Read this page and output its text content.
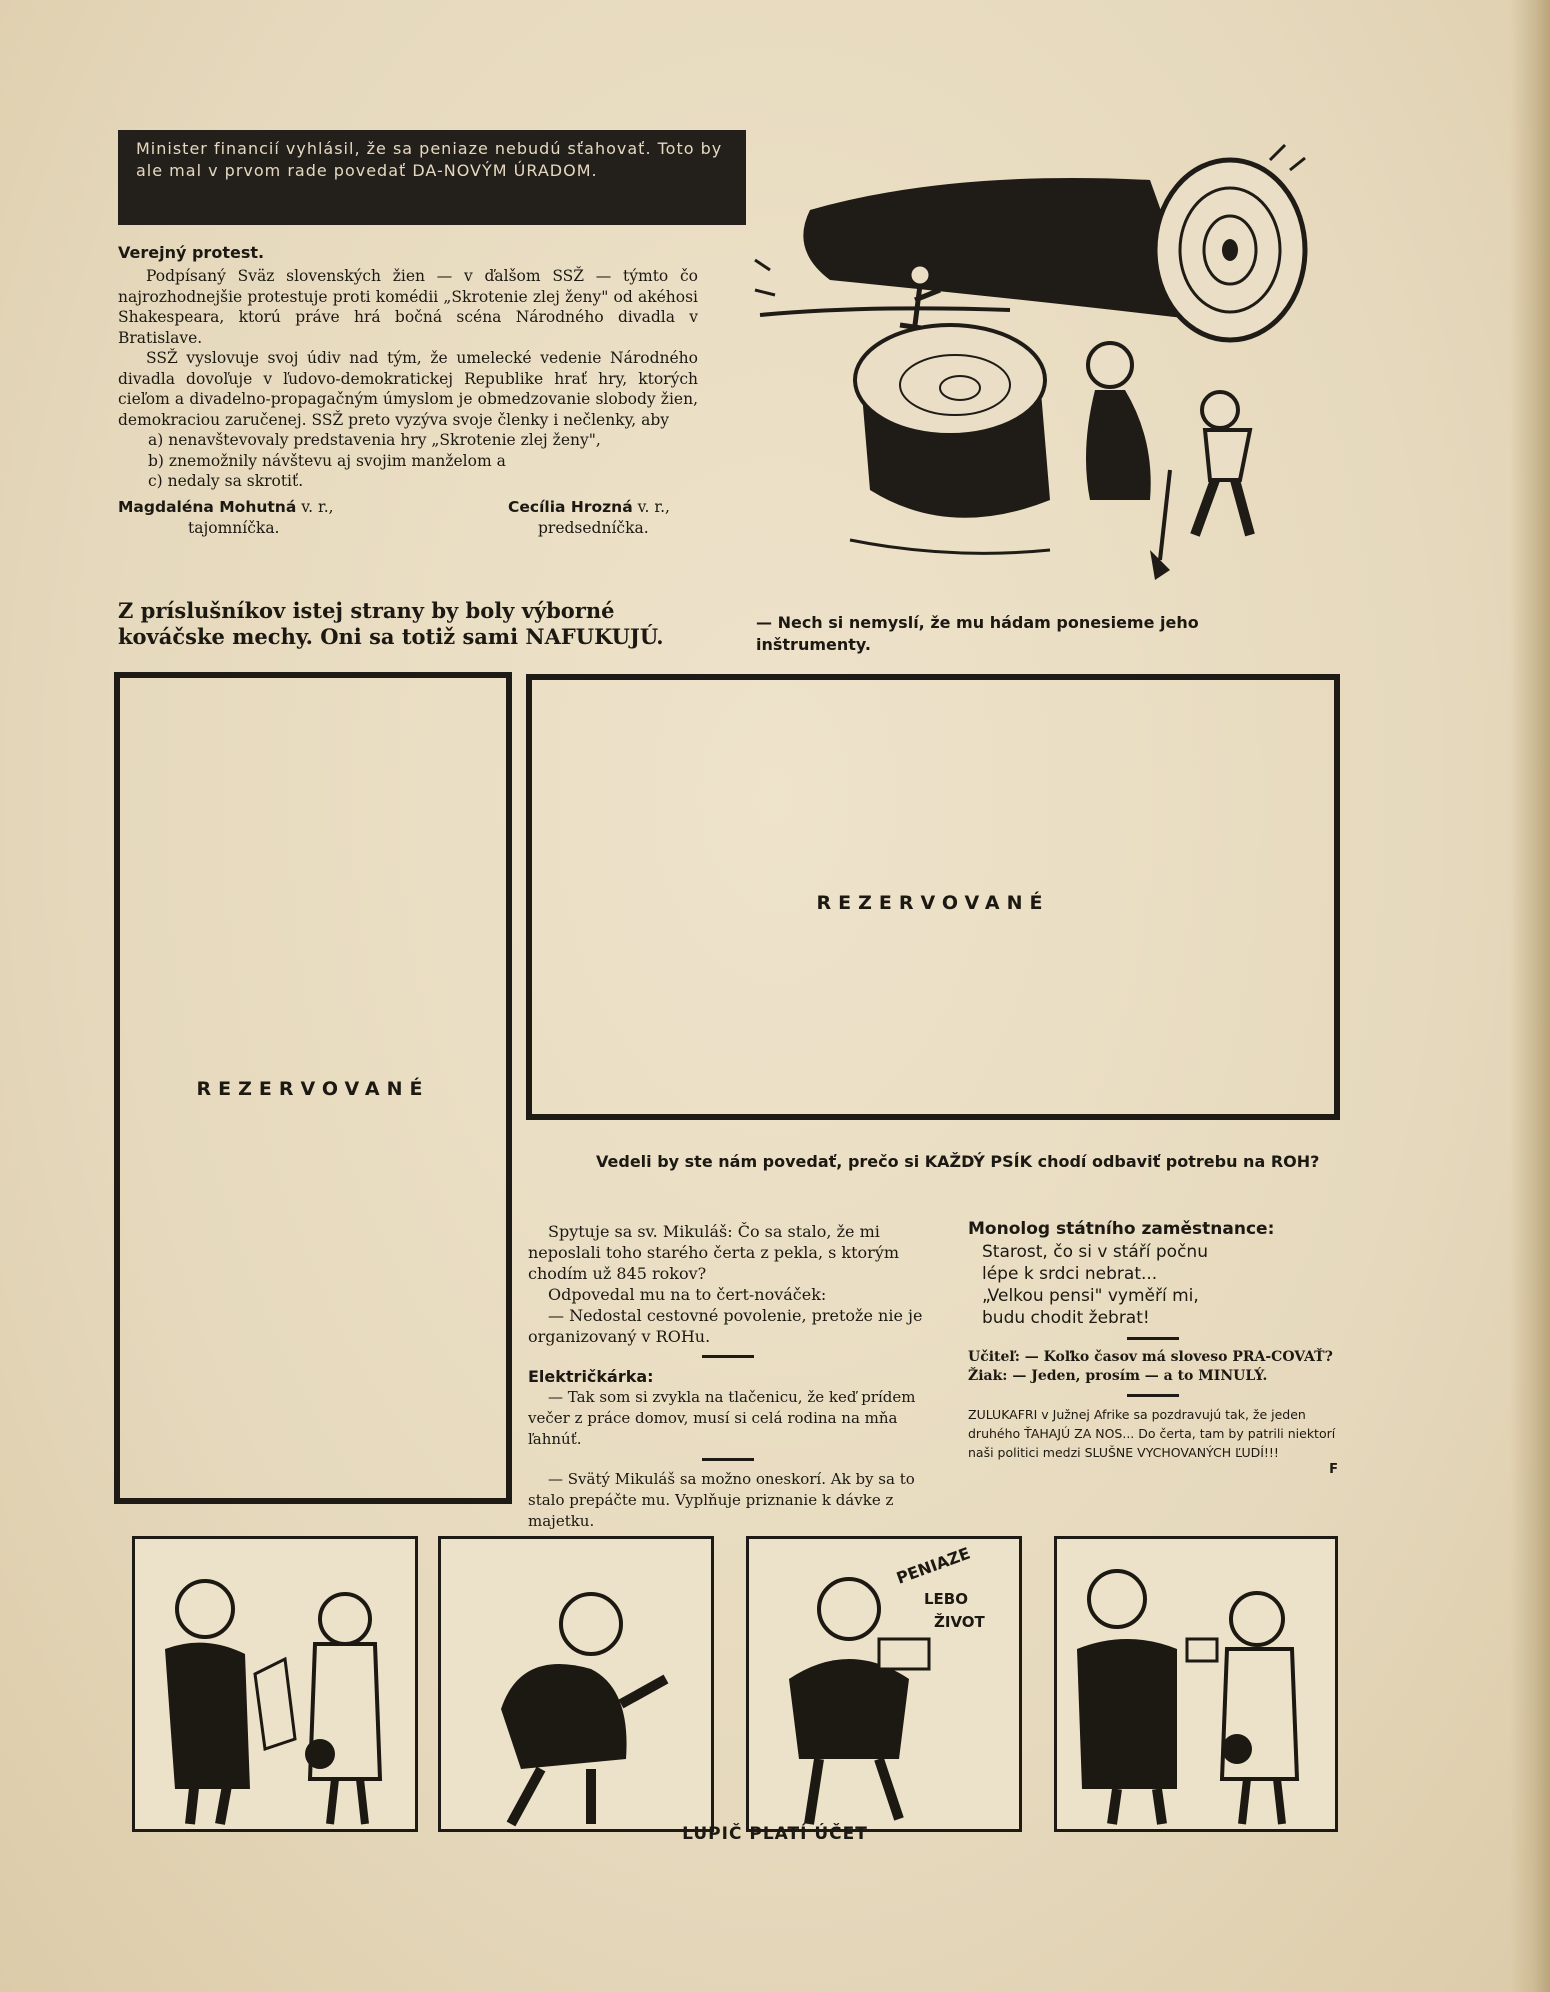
Minister financií vyhlásil, že sa peniaze nebudú sťahovať. Toto by ale mal v prvom rade povedať DA-NOVÝM ÚRADOM.
Verejný protest.
Podpísaný Sväz slovenských žien — v ďalšom SSŽ — týmto čo najrozhodnejšie protestuje proti komédii „Skrotenie zlej ženy" od akéhosi Shakespeara, ktorú práve hrá bočná scéna Národného divadla v Bratislave.
SSŽ vyslovuje svoj údiv nad tým, že umelecké vedenie Národného divadla dovoľuje v ľudovo-demokratickej Republike hrať hry, ktorých cieľom a divadelno-propagačným úmyslom je obmedzovanie slobody žien, demokraciou zaručenej. SSŽ preto vyzýva svoje členky i nečlenky, aby
a) nenavštevovaly predstavenia hry „Skrotenie zlej ženy",
b) znemožnily návštevu aj svojim manželom a
c) nedaly sa skrotiť.
Magdaléna Mohutná v. r.,
tajomníčka.
Cecília Hrozná v. r.,
predsedníčka.
Z príslušníkov istej strany by boly výborné kováčske mechy. Oni sa totiž sami NAFUKUJÚ.
— Nech si nemyslí, že mu hádam ponesieme jeho inštrumenty.
REZERVOVANÉ
REZERVOVANÉ
Vedeli by ste nám povedať, prečo si KAŽDÝ PSÍK chodí odbaviť potrebu na ROH?
Spytuje sa sv. Mikuláš: Čo sa stalo, že mi neposlali toho starého čerta z pekla, s ktorým chodím už 845 rokov?
Odpovedal mu na to čert-nováček:
— Nedostal cestovné povolenie, pretože nie je organizovaný v ROHu.
Električkárka:
— Tak som si zvykla na tlačenicu, že keď prídem večer z práce domov, musí si celá rodina na mňa ľahnúť.
— Svätý Mikuláš sa možno oneskorí. Ak by sa to stalo prepáčte mu. Vyplňuje priznanie k dávke z majetku.
Monolog státního zaměstnance:
Starost, čo si v stáří počnu
lépe k srdci nebrat...
„Velkou pensi" vyměří mi,
budu chodit žebrat!
Učiteľ: — Koľko časov má sloveso PRA-COVAŤ?
Žiak: — Jeden, prosím — a to MINULÝ.
ZULUKAFRI v Južnej Afrike sa pozdravujú tak, že jeden druhého ŤAHAJÚ ZA NOS... Do čerta, tam by patrili niektorí naši politici medzi SLUŠNE VYCHOVANÝCH ĽUDÍ!!!
F
PENIAZE
LEBO
ŽIVOT
LUPIČ PLATÍ ÚČET
